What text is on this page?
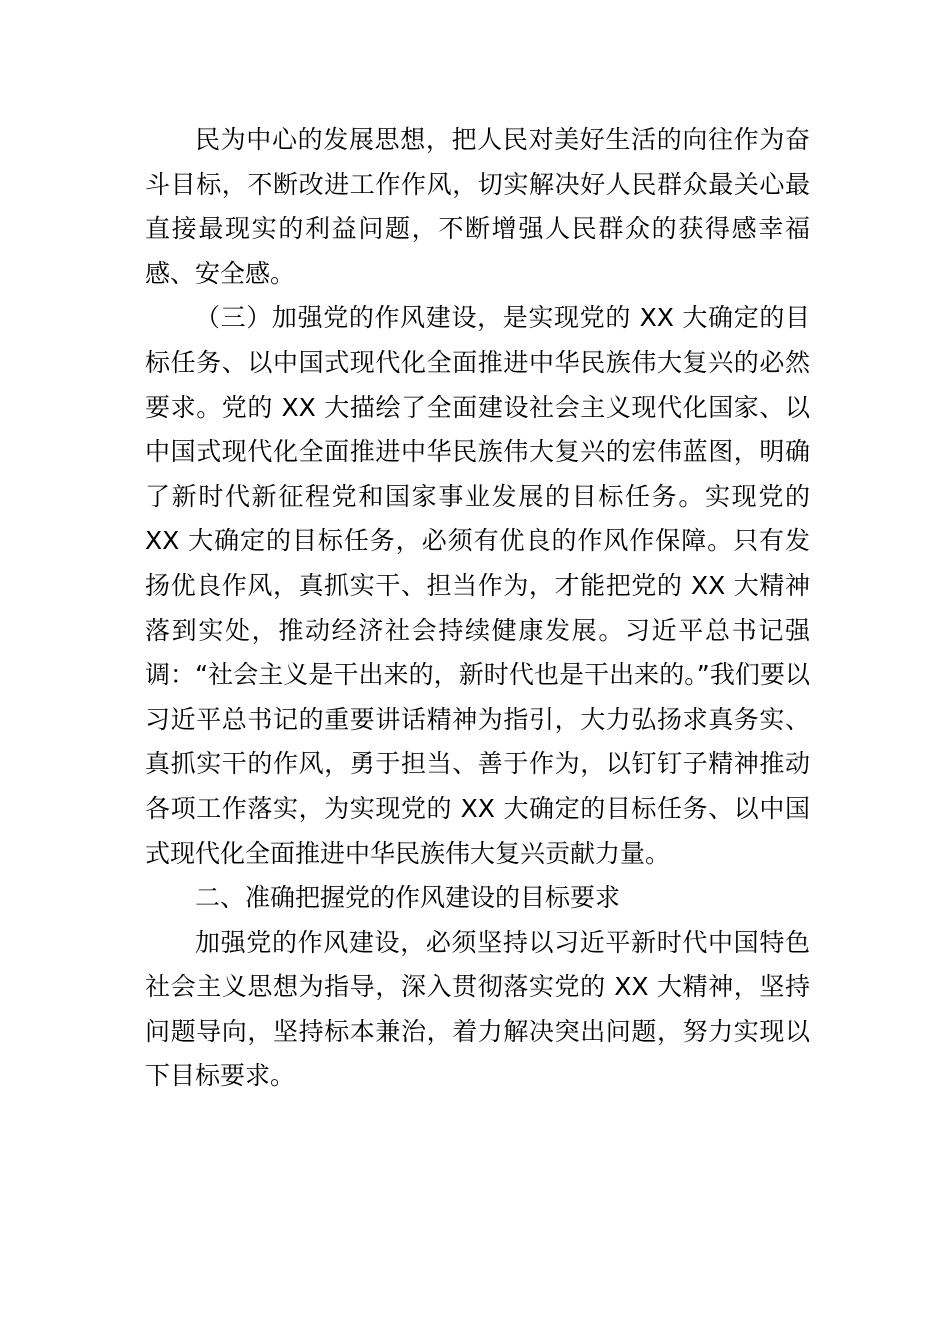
民为中心的发展思想，把人民对美好生活的向往作为奋斗目标，不断改进工作作风，切实解决好人民群众最关心最直接最现实的利益问题，不断增强人民群众的获得感幸福感、安全感。

（三）加强党的作风建设，是实现党的 XX 大确定的目标任务、以中国式现代化全面推进中华民族伟大复兴的必然要求。党的 XX 大描绘了全面建设社会主义现代化国家、以中国式现代化全面推进中华民族伟大复兴的宏伟蓝图，明确了新时代新征程党和国家事业发展的目标任务。实现党的 XX 大确定的目标任务，必须有优良的作风作保障。只有发扬优良作风，真抓实干、担当作为，才能把党的 XX 大精神落到实处，推动经济社会持续健康发展。习近平总书记强调：“社会主义是干出来的，新时代也是干出来的。”我们要以习近平总书记的重要讲话精神为指引，大力弘扬求真务实、真抓实干的作风，勇于担当、善于作为，以钉钉子精神推动各项工作落实，为实现党的 XX 大确定的目标任务、以中国式现代化全面推进中华民族伟大复兴贡献力量。

二、准确把握党的作风建设的目标要求

加强党的作风建设，必须坚持以习近平新时代中国特色社会主义思想为指导，深入贯彻落实党的 XX 大精神，坚持问题导向，坚持标本兼治，着力解决突出问题，努力实现以下目标要求。
